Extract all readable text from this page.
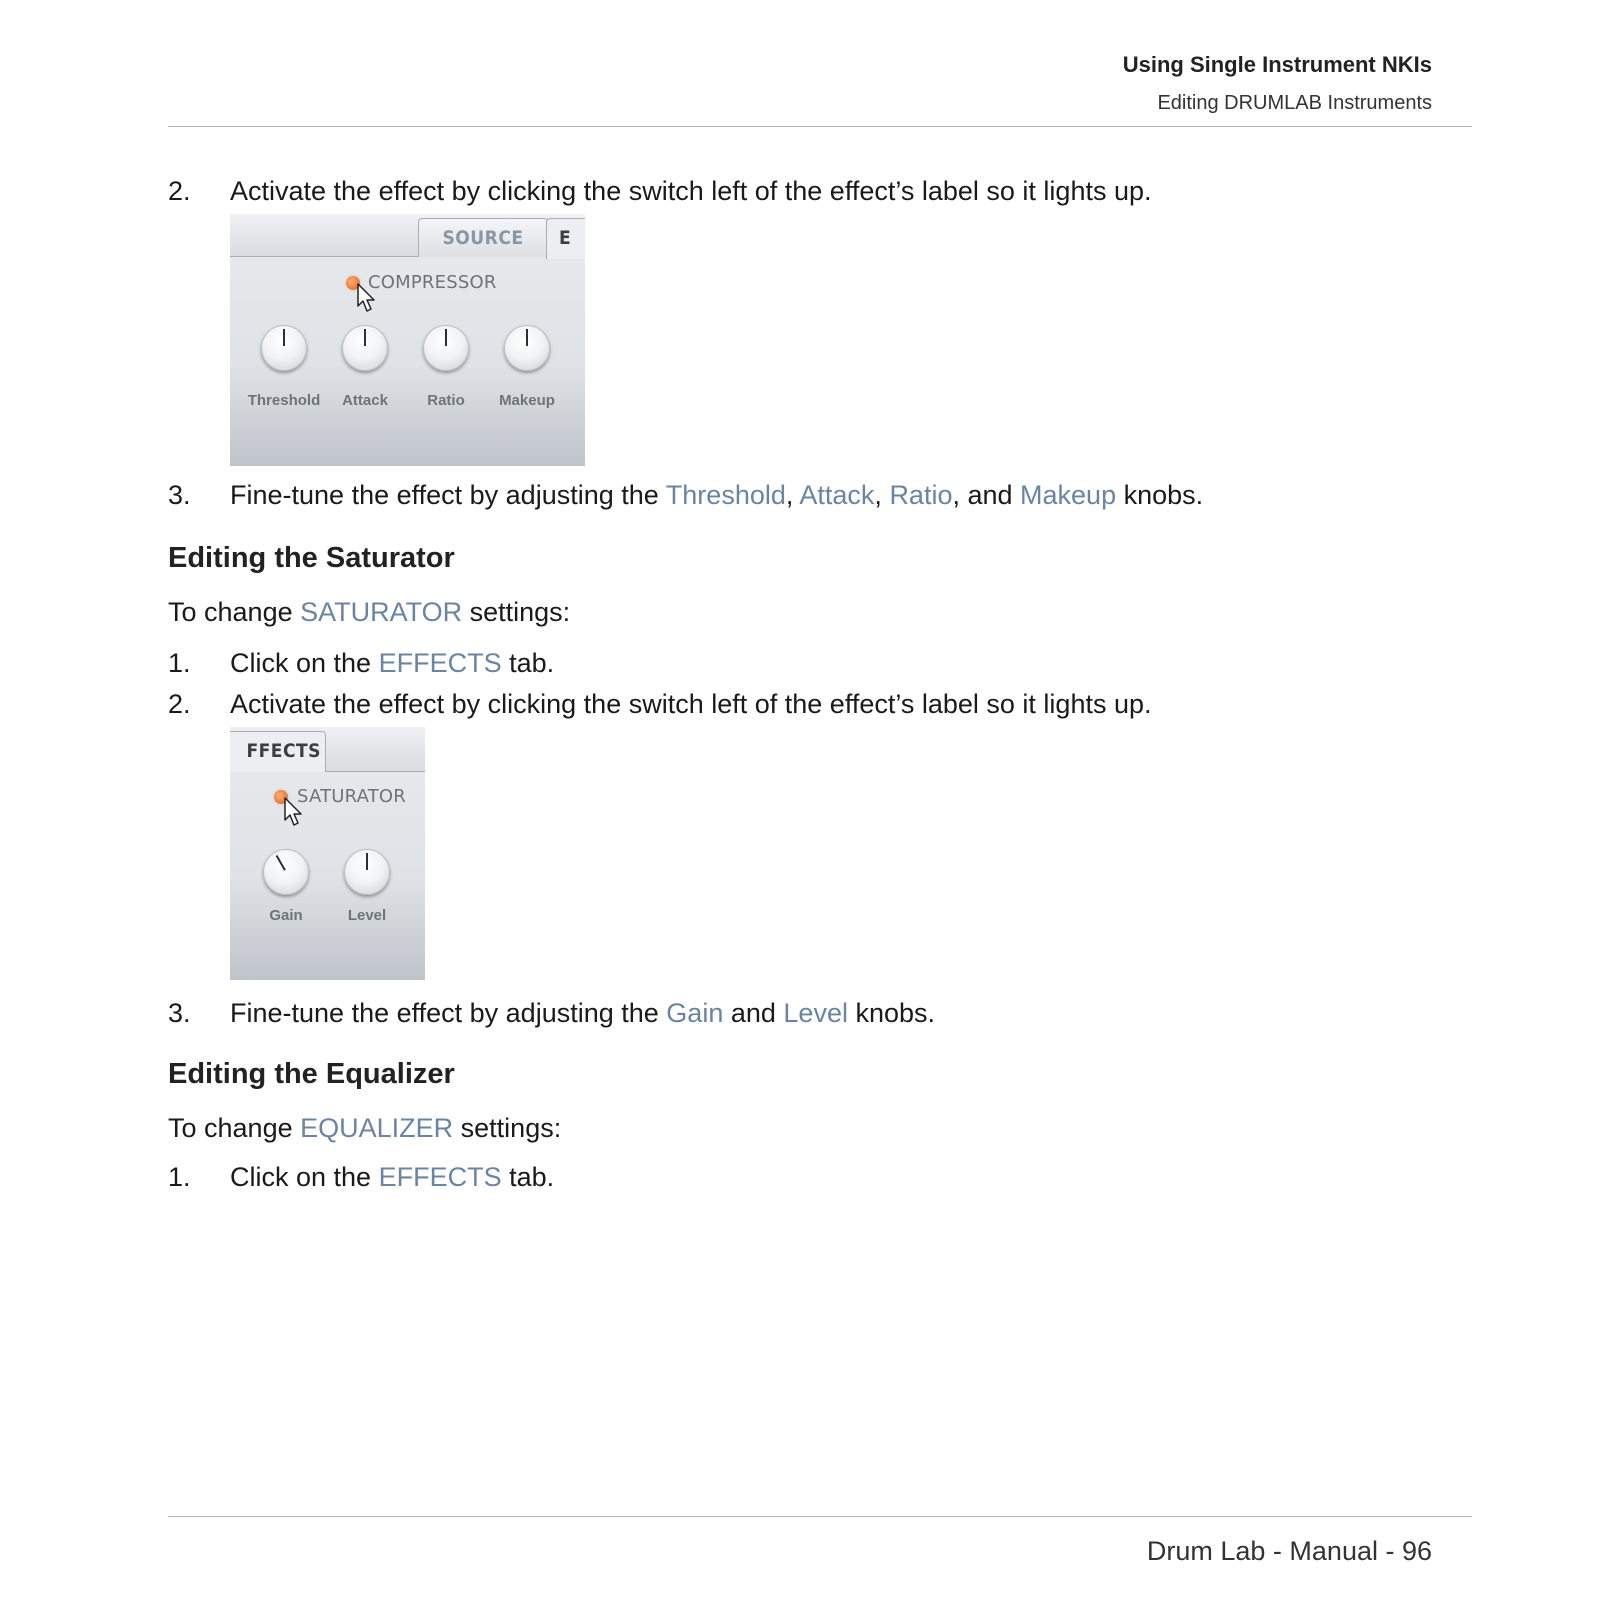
Using Single Instrument NKIs
Editing DRUMLAB Instruments
2. Activate the effect by clicking the switch left of the effect’s label so it lights up.
SOURCE	E
COMPRESSOR
Threshold	Attack	Ratio	Makeup
3. Fine-tune the effect by adjusting the Threshold, Attack, Ratio, and Makeup knobs.
Editing the Saturator
To change SATURATOR settings:
1. Click on the EFFECTS tab.
2. Activate the effect by clicking the switch left of the effect’s label so it lights up.
FFECTS
SATURATOR
Gain	Level
3. Fine-tune the effect by adjusting the Gain and Level knobs.
Editing the Equalizer
To change EQUALIZER settings:
1. Click on the EFFECTS tab.
Drum Lab - Manual - 96
